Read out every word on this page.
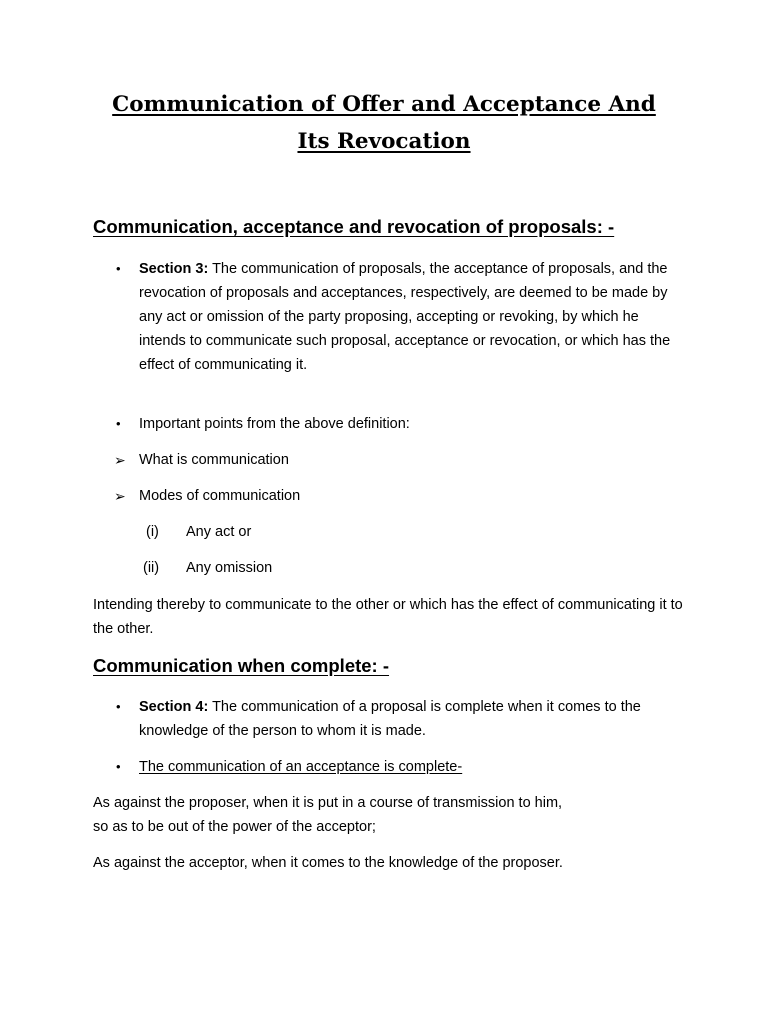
Communication of Offer and Acceptance And
Its Revocation
Communication, acceptance and revocation of proposals: -
• Section 3: The communication of proposals, the acceptance of proposals, and the revocation of proposals and acceptances, respectively, are deemed to be made by any act or omission of the party proposing, accepting or revoking, by which he intends to communicate such proposal, acceptance or revocation, or which has the effect of communicating it.
• Important points from the above definition:
➢ What is communication
➢ Modes of communication
(i) Any act or
(ii) Any omission
Intending thereby to communicate to the other or which has the effect of communicating it to the other.
Communication when complete: -
• Section 4: The communication of a proposal is complete when it comes to the knowledge of the person to whom it is made.
• The communication of an acceptance is complete-
As against the proposer, when it is put in a course of transmission to him,
so as to be out of the power of the acceptor;
As against the acceptor, when it comes to the knowledge of the proposer.
